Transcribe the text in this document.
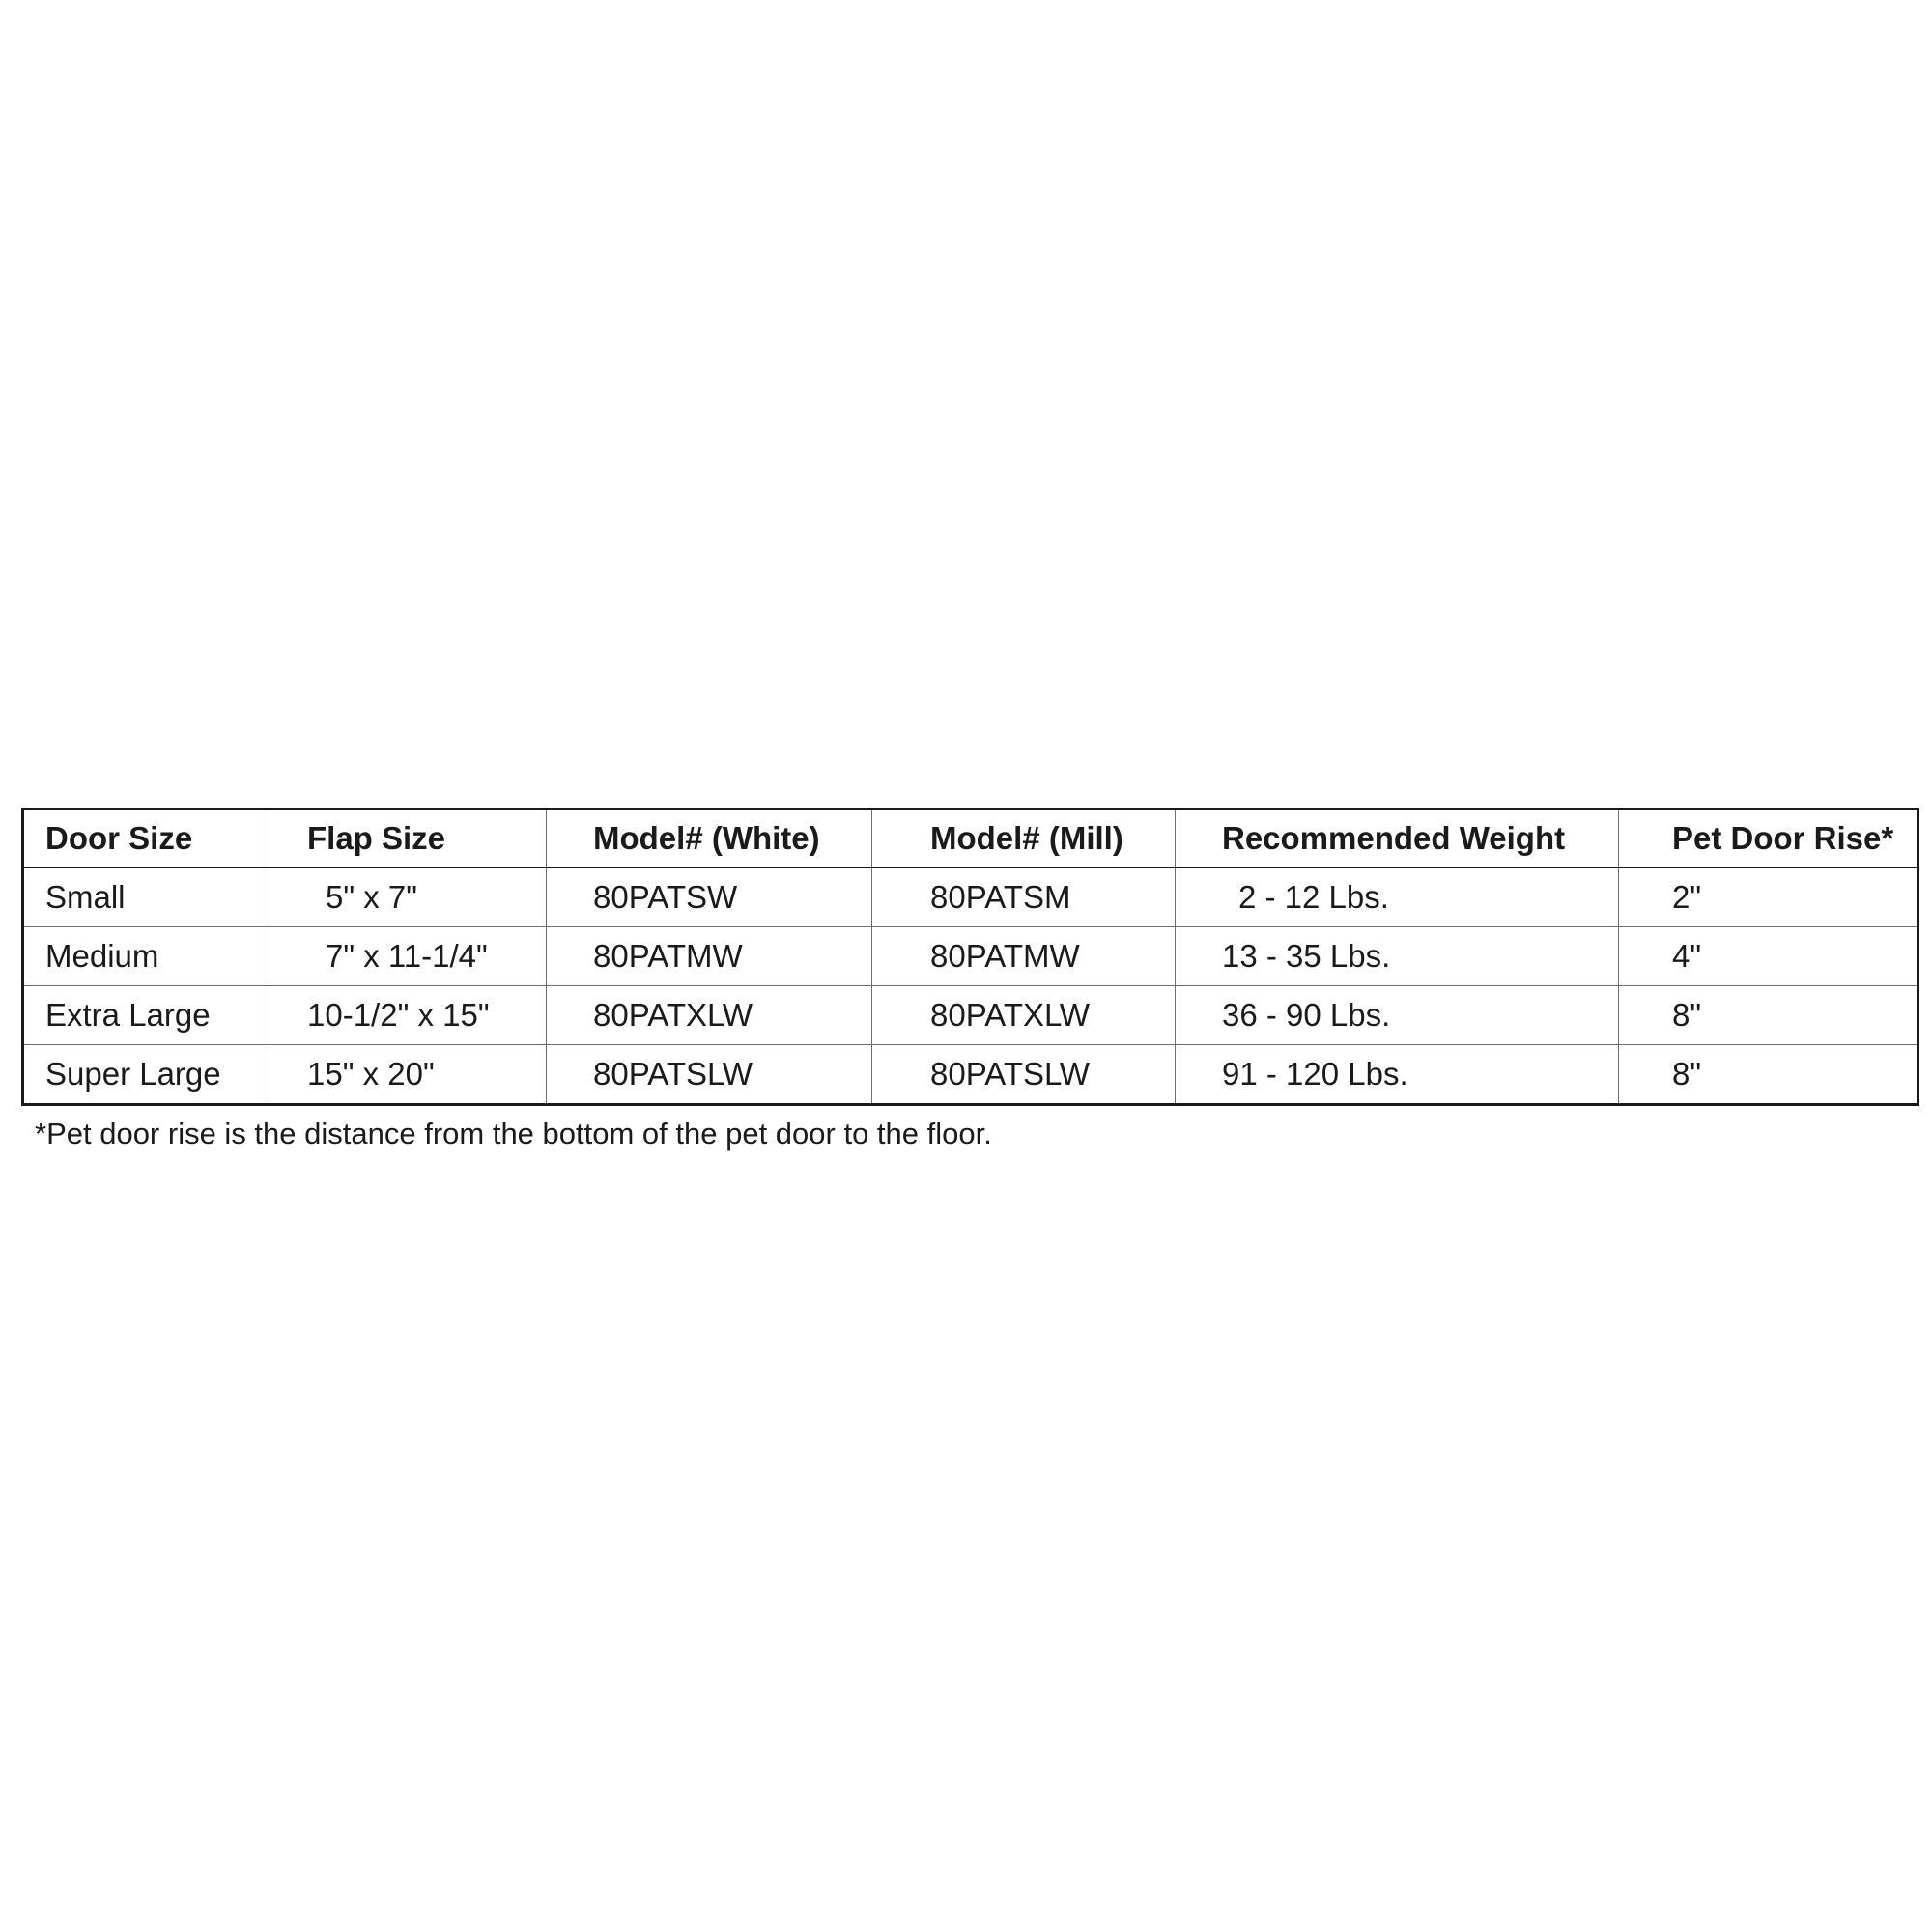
Door Size	Flap Size	Model# (White)	Model# (Mill)	Recommended Weight	Pet Door Rise*
Small	5" x 7"	80PATSW	80PATSM	2 - 12 Lbs.	2"
Medium	7" x 11-1/4"	80PATMW	80PATMW	13 - 35 Lbs.	4"
Extra Large	10-1/2" x 15"	80PATXLW	80PATXLW	36 - 90 Lbs.	8"
Super Large	15" x 20"	80PATSLW	80PATSLW	91 - 120 Lbs.	8"

*Pet door rise is the distance from the bottom of the pet door to the floor.
